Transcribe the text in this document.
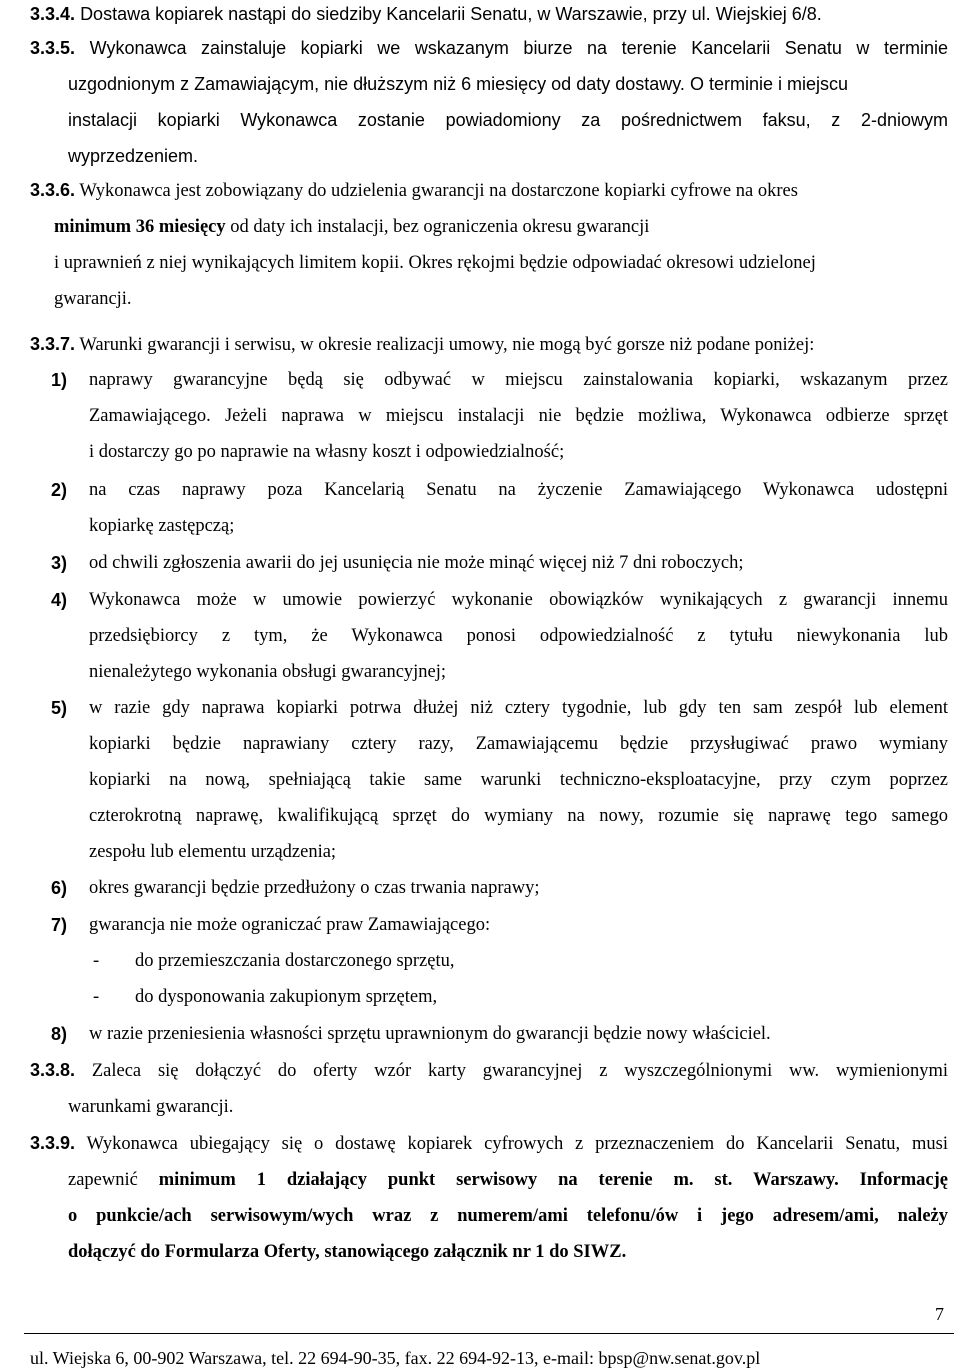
3.3.4. Dostawa kopiarek nastąpi do siedziby Kancelarii Senatu, w Warszawie, przy ul. Wiejskiej 6/8.
3.3.5. Wykonawca zainstaluje kopiarki we wskazanym biurze na terenie Kancelarii Senatu w terminie
uzgodnionym z Zamawiającym, nie dłuższym niż 6 miesięcy od daty dostawy. O terminie i miejscu
instalacji kopiarki Wykonawca zostanie powiadomiony za pośrednictwem faksu, z 2-dniowym
wyprzedzeniem.
3.3.6. Wykonawca jest zobowiązany do udzielenia gwarancji na dostarczone kopiarki cyfrowe na okres
minimum 36 miesięcy od daty ich instalacji, bez ograniczenia okresu gwarancji
i uprawnień z niej wynikających limitem kopii. Okres rękojmi będzie odpowiadać okresowi udzielonej
gwarancji.
3.3.7. Warunki gwarancji i serwisu, w okresie realizacji umowy, nie mogą być gorsze niż podane poniżej:
1) naprawy gwarancyjne będą się odbywać w miejscu zainstalowania kopiarki, wskazanym przez
Zamawiającego. Jeżeli naprawa w miejscu instalacji nie będzie możliwa, Wykonawca odbierze sprzęt
i dostarczy go po naprawie na własny koszt i odpowiedzialność;
2) na czas naprawy poza Kancelarią Senatu na życzenie Zamawiającego Wykonawca udostępni
kopiarkę zastępczą;
3) od chwili zgłoszenia awarii do jej usunięcia nie może minąć więcej niż 7 dni roboczych;
4) Wykonawca może w umowie powierzyć wykonanie obowiązków wynikających z gwarancji innemu
przedsiębiorcy z tym, że Wykonawca ponosi odpowiedzialność z tytułu niewykonania lub
nienależytego wykonania obsługi gwarancyjnej;
5) w razie gdy naprawa kopiarki potrwa dłużej niż cztery tygodnie, lub gdy ten sam zespół lub element
kopiarki będzie naprawiany cztery razy, Zamawiającemu będzie przysługiwać prawo wymiany
kopiarki na nową, spełniającą takie same warunki techniczno-eksploatacyjne, przy czym poprzez
czterokrotną naprawę, kwalifikującą sprzęt do wymiany na nowy, rozumie się naprawę tego samego
zespołu lub elementu urządzenia;
6) okres gwarancji będzie przedłużony o czas trwania naprawy;
7) gwarancja nie może ograniczać praw Zamawiającego:
- do przemieszczania dostarczonego sprzętu,
- do dysponowania zakupionym sprzętem,
8) w razie przeniesienia własności sprzętu uprawnionym do gwarancji będzie nowy właściciel.
3.3.8. Zaleca się dołączyć do oferty wzór karty gwarancyjnej z wyszczególnionymi ww. wymienionymi
warunkami gwarancji.
3.3.9. Wykonawca ubiegający się o dostawę kopiarek cyfrowych z przeznaczeniem do Kancelarii Senatu, musi
zapewnić minimum 1 działający punkt serwisowy na terenie m. st. Warszawy. Informację
o punkcie/ach serwisowym/wych wraz z numerem/ami telefonu/ów i jego adresem/ami, należy
dołączyć do Formularza Oferty, stanowiącego załącznik nr 1 do SIWZ.
7
ul. Wiejska 6, 00-902 Warszawa, tel. 22 694-90-35, fax. 22 694-92-13, e-mail: bpsp@nw.senat.gov.pl
